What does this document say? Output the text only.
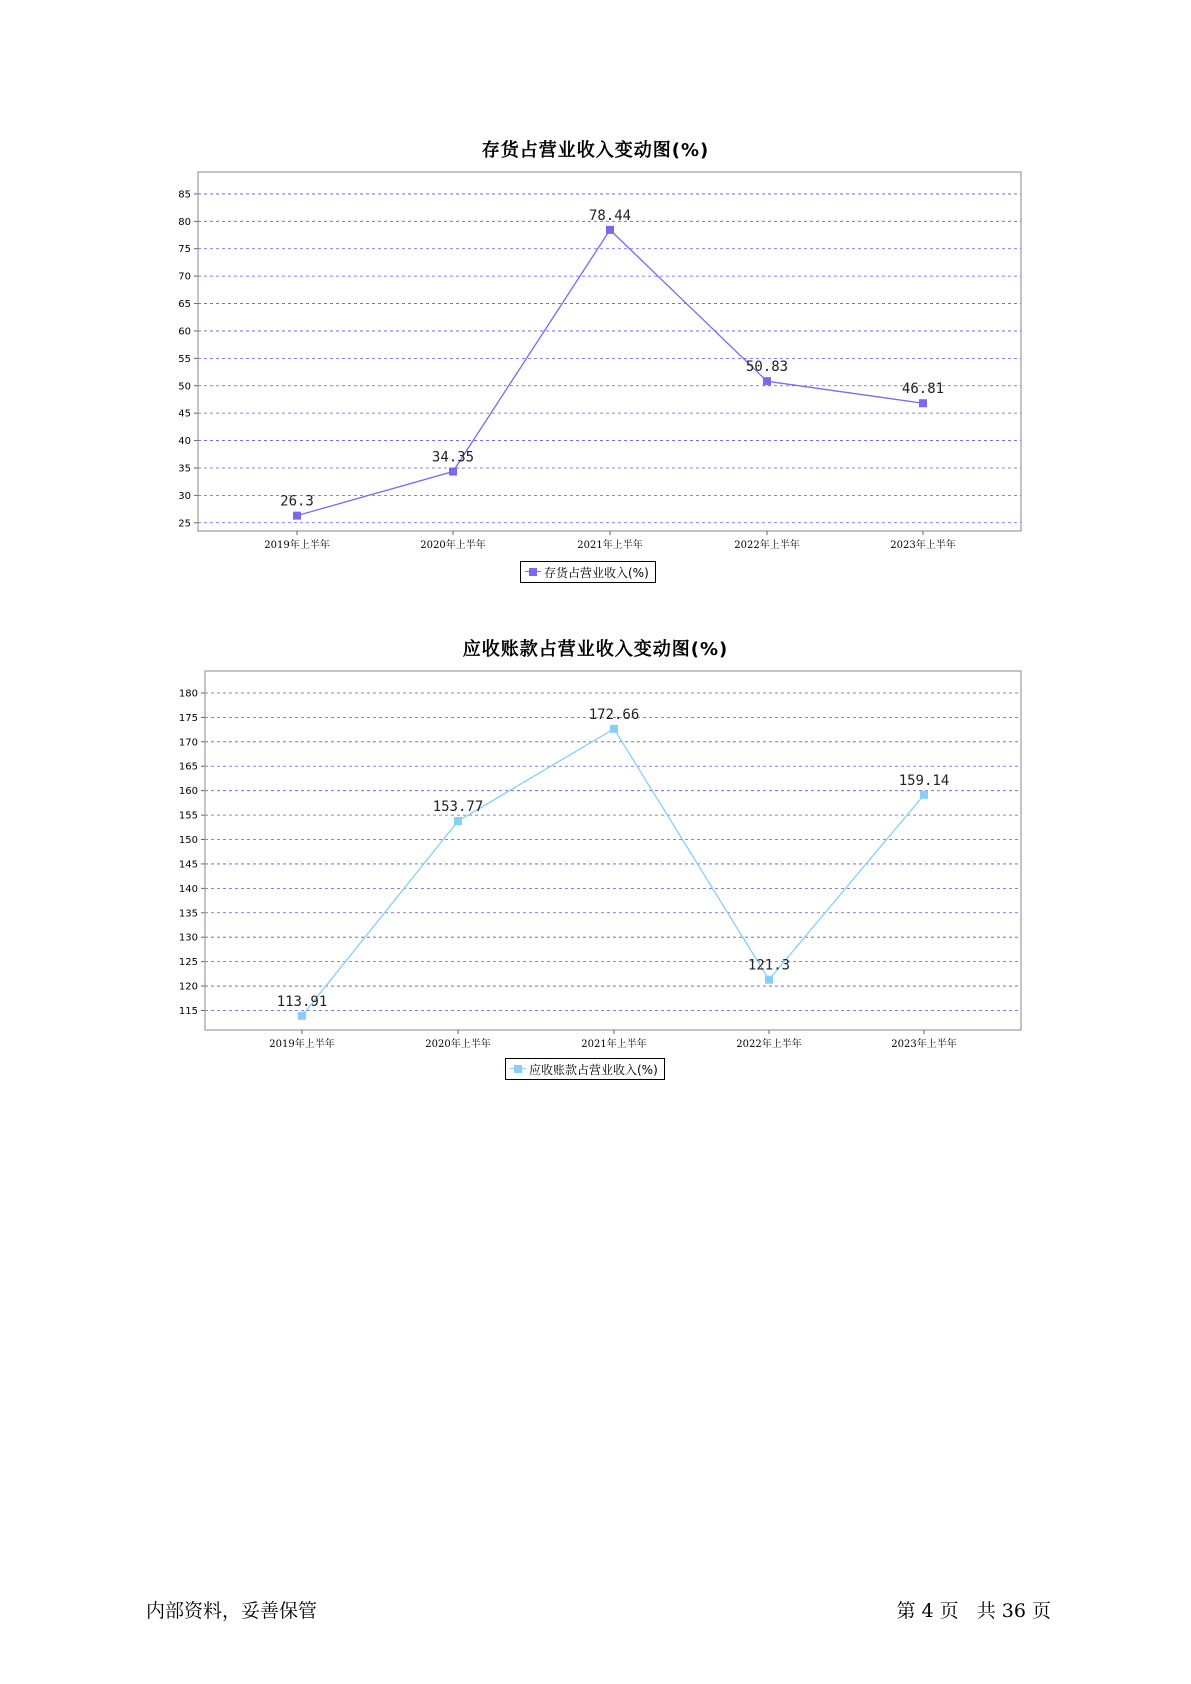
存货占营业收入变动图(%)
25
30
35
40
45
50
55
60
65
70
75
80
85
2019年上半年	2020年上半年	2021年上半年	2022年上半年	2023年上半年
26.3
34.35
78.44
50.83
46.81
存货占营业收入(%)
应收账款占营业收入变动图(%)
115
120
125
130
135
140
145
150
155
160
165
170
175
180
2019年上半年	2020年上半年	2021年上半年	2022年上半年	2023年上半年
113.91
153.77
172.66
121.3
159.14
应收账款占营业收入(%)
内部资料，妥善保管	第 4 页   共 36 页
